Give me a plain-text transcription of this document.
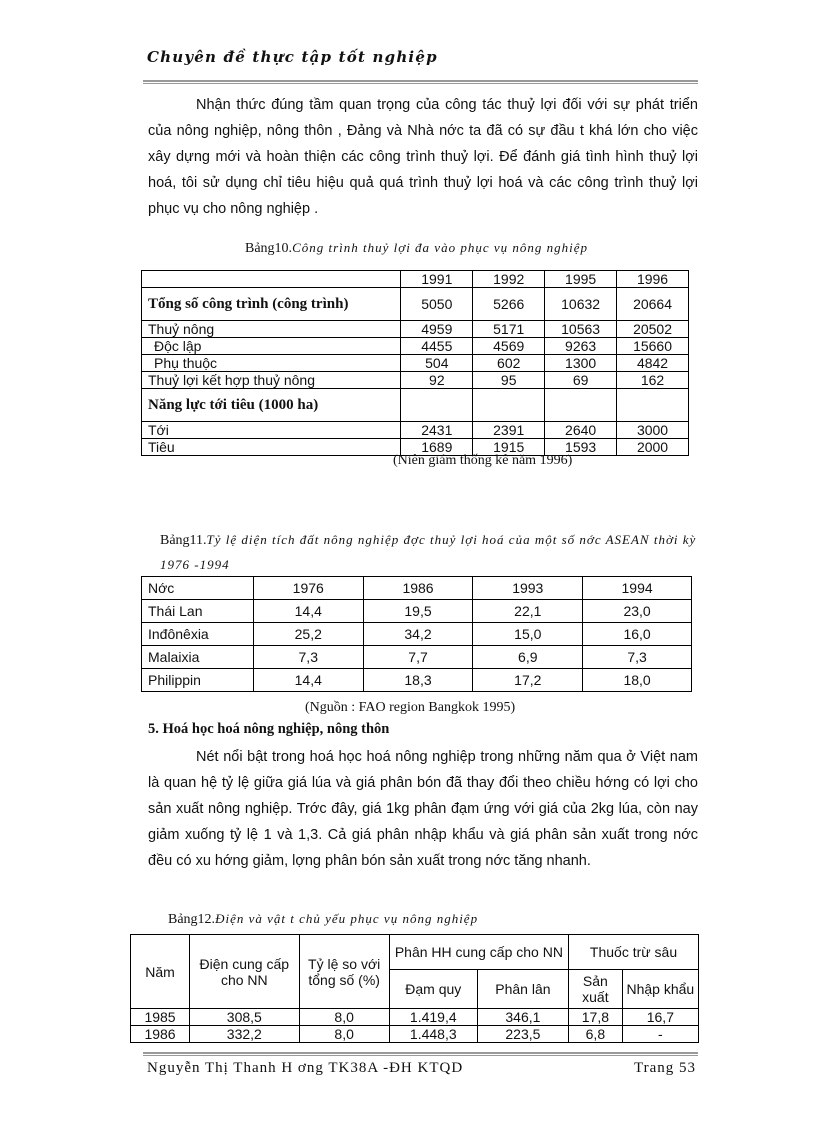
Chuyên đề thực tập tốt nghiệp

Nhận thức đúng tầm quan trọng của công tác thuỷ lợi đối với sự phát triển của nông nghiệp, nông thôn , Đảng và Nhà nớc ta đã có sự đầu t khá lớn cho việc xây dựng mới và hoàn thiện các công trình thuỷ lợi. Để đánh giá tình hình thuỷ lợi hoá, tôi sử dụng chỉ tiêu hiệu quả quá trình thuỷ lợi hoá và các công trình thuỷ lợi phục vụ cho nông nghiệp .

Bảng10.Công trình thuỷ lợi đa vào phục vụ nông nghiệp
	1991	1992	1995	1996
Tổng số công trình (công trình)	5050	5266	10632	20664
Thuỷ nông	4959	5171	10563	20502
Độc lập	4455	4569	9263	15660
Phụ thuộc	504	602	1300	4842
Thuỷ lợi kết hợp thuỷ nông	92	95	69	162
Năng lực tới tiêu (1000 ha)				
Tới	2431	2391	2640	3000
Tiêu	1689	1915	1593	2000
(Niên giám thống kê năm 1996)
Bảng11.Tỷ lệ diện tích đất nông nghiệp đợc thuỷ lợi hoá của một số nớc ASEAN thời kỳ 1976 -1994
Nớc	1976	1986	1993	1994
Thái Lan	14,4	19,5	22,1	23,0
Inđônêxia	25,2	34,2	15,0	16,0
Malaixia	7,3	7,7	6,9	7,3
Philippin	14,4	18,3	17,2	18,0
(Nguồn : FAO region Bangkok 1995)
5. Hoá học hoá nông nghiệp, nông thôn

Nét nổi bật trong hoá học hoá nông nghiệp trong những năm qua ở Việt nam là quan hệ tỷ lệ giữa giá lúa và giá phân bón đã thay đổi theo chiều hớng có lợi cho sản xuất nông nghiệp. Trớc đây, giá 1kg phân đạm ứng với giá của 2kg lúa, còn nay giảm xuống tỷ lệ 1 và 1,3. Cả giá phân nhập khẩu và giá phân sản xuất trong nớc đều có xu hớng giảm, lợng phân bón sản xuất trong nớc tăng nhanh.

Bảng12.Điện và vật t chủ yếu phục vụ nông nghiệp
Năm	Điện cung cấp cho NN	Tỷ lệ so với tổng số (%)	Phân HH cung cấp cho NN		Thuốc trừ sâu	
			Đạm quy	Phân lân	Sản xuất	Nhập khẩu
1985	308,5	8,0	1.419,4	346,1	17,8	16,7
1986	332,2	8,0	1.448,3	223,5	6,8	-
Nguyễn Thị Thanh H ơng TK38A -ĐH KTQD	Trang 53
